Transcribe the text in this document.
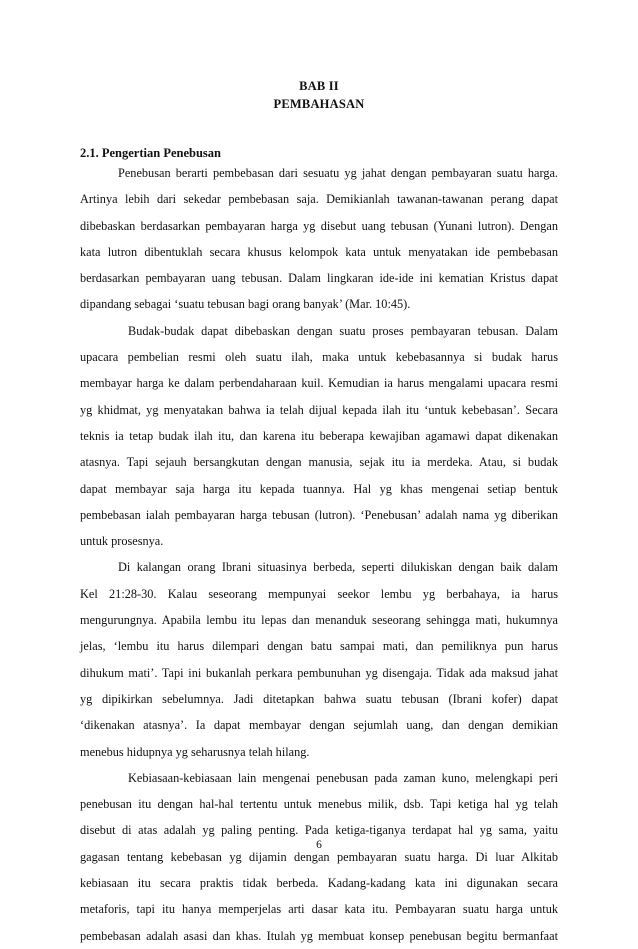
BAB II
PEMBAHASAN
2.1. Pengertian Penebusan
Penebusan berarti pembebasan dari sesuatu yg jahat dengan pembayaran suatu harga.
Artinya lebih dari sekedar pembebasan saja. Demikianlah tawanan-tawanan perang dapat
dibebaskan berdasarkan pembayaran harga yg disebut uang tebusan (Yunani lutron). Dengan
kata lutron dibentuklah secara khusus kelompok kata untuk menyatakan ide pembebasan
berdasarkan pembayaran uang tebusan. Dalam lingkaran ide-ide ini kematian Kristus dapat
dipandang sebagai ‘suatu tebusan bagi orang banyak’ (Mar. 10:45).
Budak-budak dapat dibebaskan dengan suatu proses pembayaran tebusan. Dalam
upacara pembelian resmi oleh suatu ilah, maka untuk kebebasannya si budak harus
membayar harga ke dalam perbendaharaan kuil. Kemudian ia harus mengalami upacara resmi
yg khidmat, yg menyatakan bahwa ia telah dijual kepada ilah itu ‘untuk kebebasan’. Secara
teknis ia tetap budak ilah itu, dan karena itu beberapa kewajiban agamawi dapat dikenakan
atasnya. Tapi sejauh bersangkutan dengan manusia, sejak itu ia merdeka. Atau, si budak
dapat membayar saja harga itu kepada tuannya. Hal yg khas mengenai setiap bentuk
pembebasan ialah pembayaran harga tebusan (lutron). ‘Penebusan’ adalah nama yg diberikan
untuk prosesnya.
Di kalangan orang Ibrani situasinya berbeda, seperti dilukiskan dengan baik dalam
Kel 21:28-30. Kalau seseorang mempunyai seekor lembu yg berbahaya, ia harus
mengurungnya. Apabila lembu itu lepas dan menanduk seseorang sehingga mati, hukumnya
jelas, ‘lembu itu harus dilempari dengan batu sampai mati, dan pemiliknya pun harus
dihukum mati’. Tapi ini bukanlah perkara pembunuhan yg disengaja. Tidak ada maksud jahat
yg dipikirkan sebelumnya. Jadi ditetapkan bahwa suatu tebusan (Ibrani kofer) dapat
‘dikenakan atasnya’. Ia dapat membayar dengan sejumlah uang, dan dengan demikian
menebus hidupnya yg seharusnya telah hilang.
Kebiasaan-kebiasaan lain mengenai penebusan pada zaman kuno, melengkapi peri
penebusan itu dengan hal-hal tertentu untuk menebus milik, dsb. Tapi ketiga hal yg telah
disebut di atas adalah yg paling penting. Pada ketiga-tiganya terdapat hal yg sama, yaitu
gagasan tentang kebebasan yg dijamin dengan pembayaran suatu harga. Di luar Alkitab
kebiasaan itu secara praktis tidak berbeda. Kadang-kadang kata ini digunakan secara
metaforis, tapi itu hanya memperjelas arti dasar kata itu. Pembayaran suatu harga untuk
pembebasan adalah asasi dan khas. Itulah yg membuat konsep penebusan begitu bermanfaat
6
